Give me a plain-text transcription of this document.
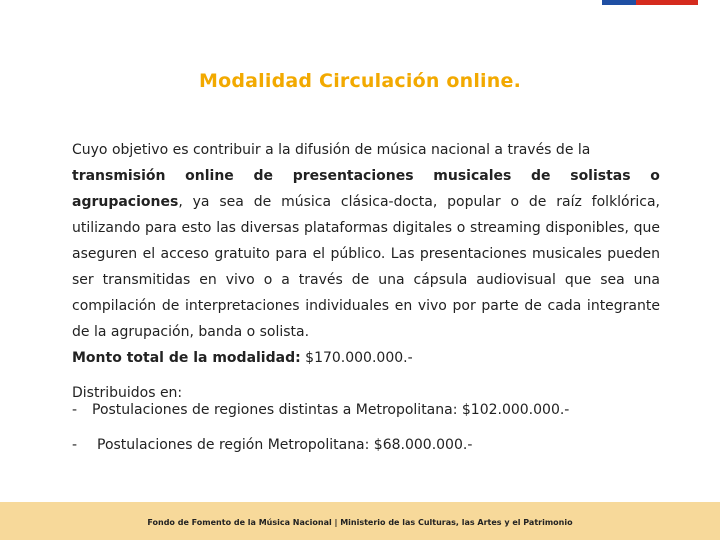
Modalidad Circulación online.
Cuyo objetivo es contribuir a la difusión de música nacional a través de la
transmisión online de presentaciones musicales de solistas o
agrupaciones, ya sea de música clásica-docta, popular o de raíz folklórica, utilizando para esto las diversas plataformas digitales o streaming disponibles, que aseguren el acceso gratuito para el público. Las presentaciones musicales pueden ser transmitidas en vivo o a través de una cápsula audiovisual que sea una compilación de interpretaciones individuales en vivo por parte de cada integrante de la agrupación, banda o solista.
Monto total de la modalidad: $170.000.000.-
Distribuidos en:
-	Postulaciones de regiones distintas a Metropolitana: $102.000.000.-
-	Postulaciones de región Metropolitana: $68.000.000.-
Fondo de Fomento de la Música Nacional | Ministerio de las Culturas, las Artes y el Patrimonio
